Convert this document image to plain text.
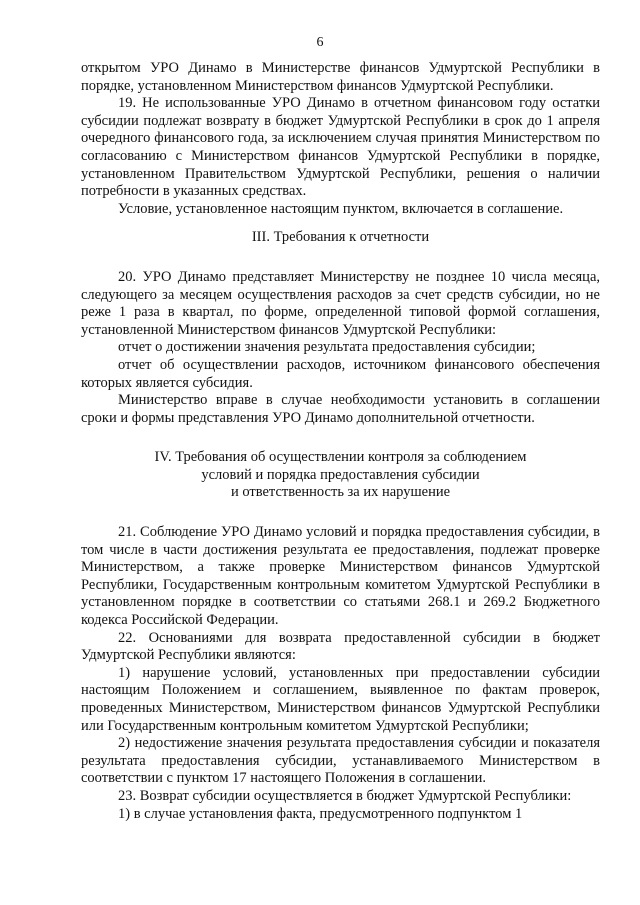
6

открытом УРО Динамо в Министерстве финансов Удмуртской Республики в порядке, установленном Министерством финансов Удмуртской Республики.

19. Не использованные УРО Динамо в отчетном финансовом году остатки субсидии подлежат возврату в бюджет Удмуртской Республики в срок до 1 апреля очередного финансового года, за исключением случая принятия Министерством по согласованию с Министерством финансов Удмуртской Республики в порядке, установленном Правительством Удмуртской Республики, решения о наличии потребности в указанных средствах.

Условие, установленное настоящим пунктом, включается в соглашение.

III. Требования к отчетности

20. УРО Динамо представляет Министерству не позднее 10 числа месяца, следующего за месяцем осуществления расходов за счет средств субсидии, но не реже 1 раза в квартал, по форме, определенной типовой формой соглашения, установленной Министерством финансов Удмуртской Республики:

отчет о достижении значения результата предоставления субсидии;

отчет об осуществлении расходов, источником финансового обеспечения которых является субсидия.

Министерство вправе в случае необходимости установить в соглашении сроки и формы представления УРО Динамо дополнительной отчетности.

IV. Требования об осуществлении контроля за соблюдением

условий и порядка предоставления субсидии

и ответственность за их нарушение

21. Соблюдение УРО Динамо условий и порядка предоставления субсидии, в том числе в части достижения результата ее предоставления, подлежат проверке Министерством, а также проверке Министерством финансов Удмуртской Республики, Государственным контрольным комитетом Удмуртской Республики в установленном порядке в соответствии со статьями 268.1 и 269.2 Бюджетного кодекса Российской Федерации.

22. Основаниями для возврата предоставленной субсидии в бюджет Удмуртской Республики являются:

1) нарушение условий, установленных при предоставлении субсидии настоящим Положением и соглашением, выявленное по фактам проверок, проведенных Министерством, Министерством финансов Удмуртской Республики или Государственным контрольным комитетом Удмуртской Республики;

2) недостижение значения результата предоставления субсидии и показателя результата предоставления субсидии, устанавливаемого Министерством в соответствии с пунктом 17 настоящего Положения в соглашении.

23. Возврат субсидии осуществляется в бюджет Удмуртской Республики:

1) в случае установления факта, предусмотренного подпунктом 1
